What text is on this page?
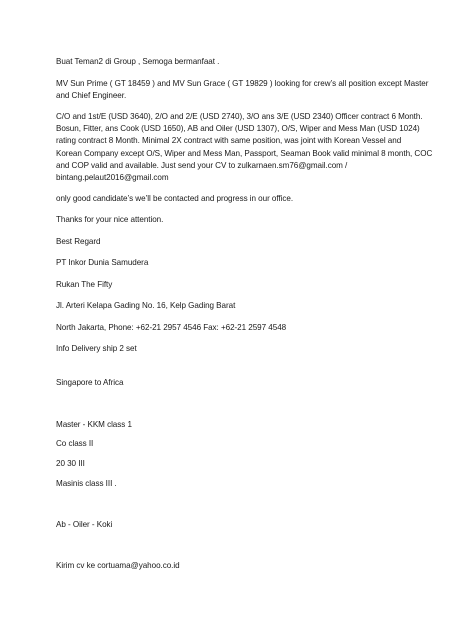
Buat Teman2 di Group , Semoga bermanfaat .
MV Sun Prime ( GT 18459 ) and MV Sun Grace ( GT 19829 ) looking for crew’s all position except Master
and Chief Engineer.
C/O and 1st/E (USD 3640), 2/O and 2/E (USD 2740), 3/O ans 3/E (USD 2340) Officer contract 6 Month.
Bosun, Fitter, ans Cook (USD 1650), AB and Oiler (USD 1307), O/S, Wiper and Mess Man (USD 1024)
rating contract 8 Month. Minimal 2X contract with same position, was joint with Korean Vessel and
Korean Company except O/S, Wiper and Mess Man, Passport, Seaman Book valid minimal 8 month, COC
and COP valid and available. Just send your CV to zulkarnaen.sm76@gmail.com /
bintang.pelaut2016@gmail.com
only good candidate’s we’ll be contacted and progress in our office.
Thanks for your nice attention.
Best Regard
PT Inkor Dunia Samudera
Rukan The Fifty
Jl. Arteri Kelapa Gading No. 16, Kelp Gading Barat
North Jakarta, Phone: +62-21 2957 4546 Fax: +62-21 2597 4548
Info Delivery ship 2 set
Singapore to Africa
Master - KKM class 1
Co class II
20 30 III
Masinis class III .
Ab - Oiler - Koki
Kirim cv ke cortuama@yahoo.co.id
